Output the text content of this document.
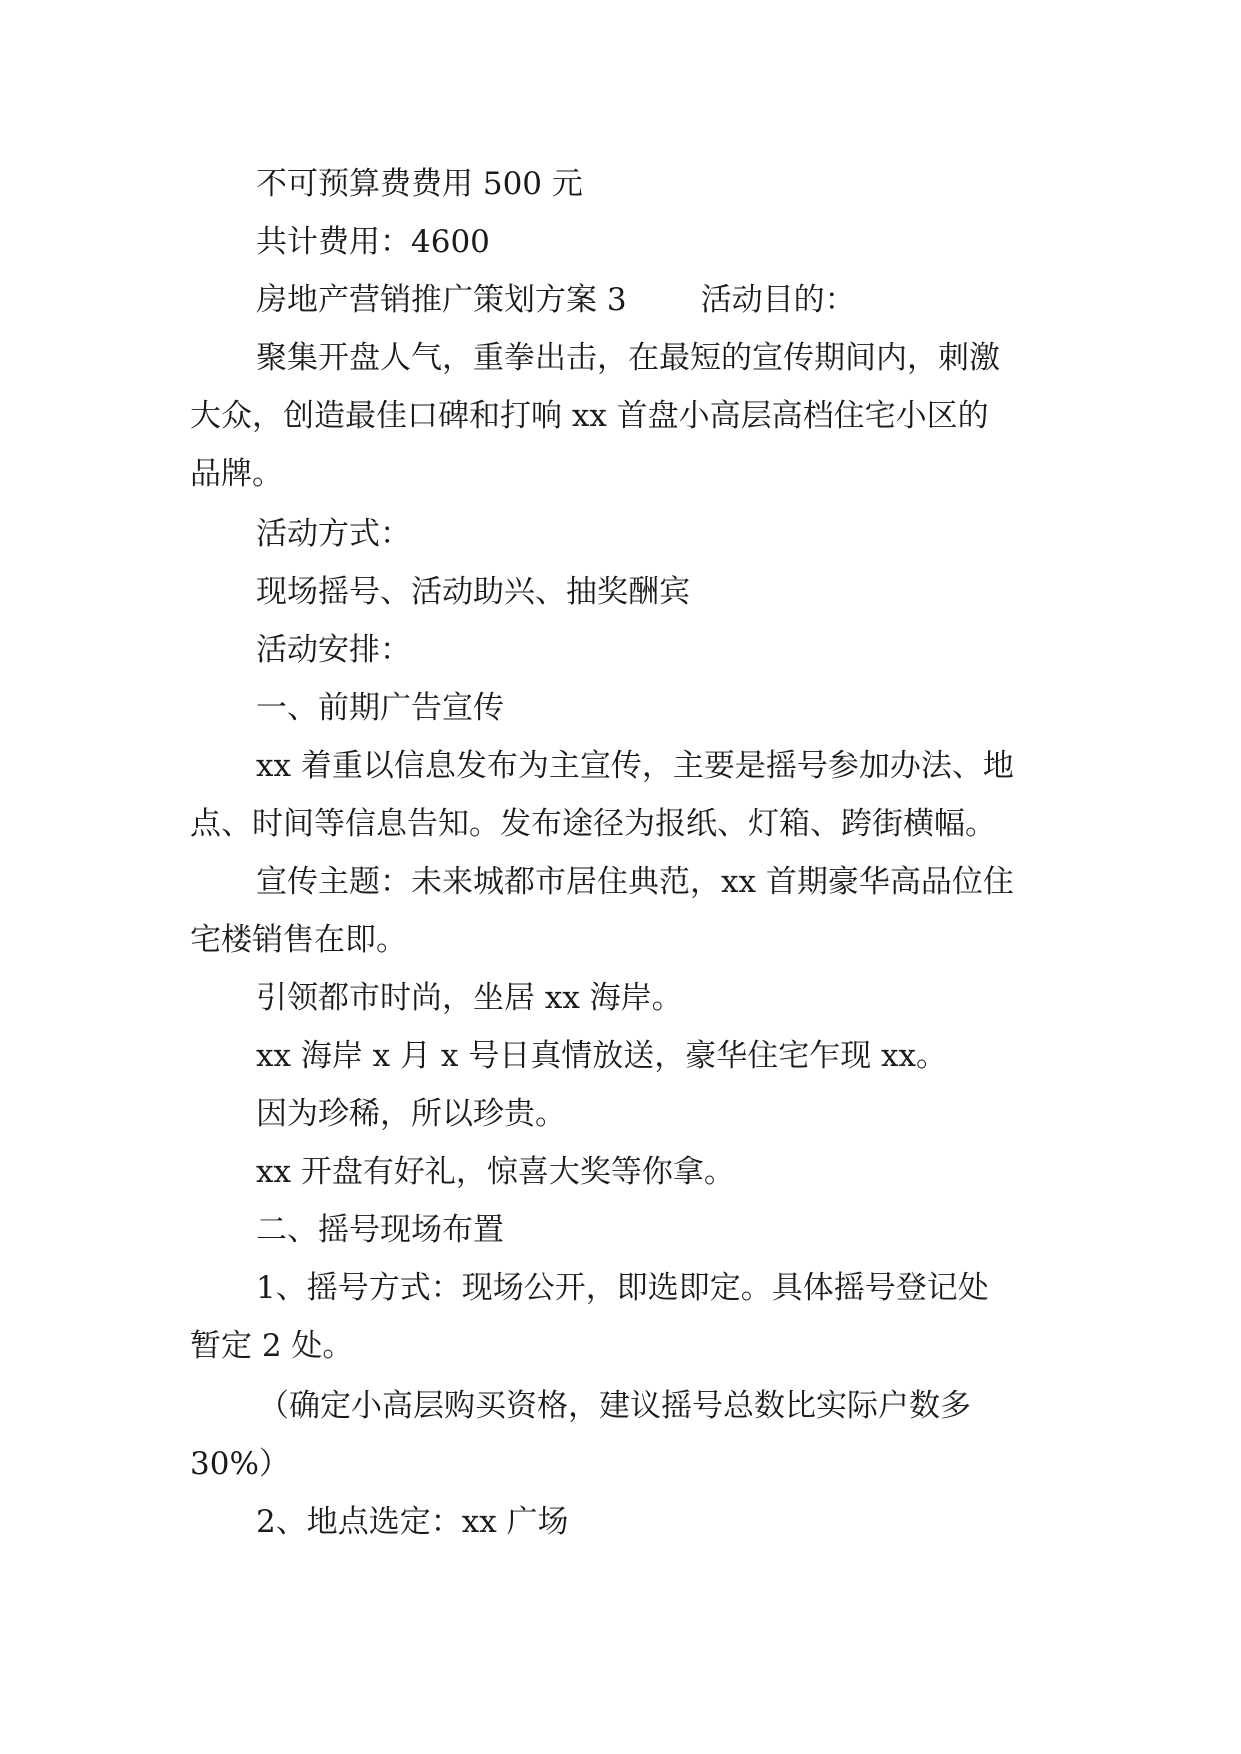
不可预算费费用 500 元
共计费用：4600
房地产营销推广策划方案 3 活动目的：
聚集开盘人气，重拳出击，在最短的宣传期间内，刺激
大众，创造最佳口碑和打响 xx 首盘小高层高档住宅小区的
品牌。
活动方式：
现场摇号、活动助兴、抽奖酬宾
活动安排：
一、前期广告宣传
xx 着重以信息发布为主宣传，主要是摇号参加办法、地
点、时间等信息告知。发布途径为报纸、灯箱、跨街横幅。
宣传主题：未来城都市居住典范，xx 首期豪华高品位住
宅楼销售在即。
引领都市时尚，坐居 xx 海岸。
xx 海岸 x 月 x 号日真情放送，豪华住宅乍现 xx。
因为珍稀，所以珍贵。
xx 开盘有好礼，惊喜大奖等你拿。
二、摇号现场布置
1、摇号方式：现场公开，即选即定。具体摇号登记处
暂定 2 处。
（确定小高层购买资格，建议摇号总数比实际户数多
30%）
2、地点选定：xx 广场
